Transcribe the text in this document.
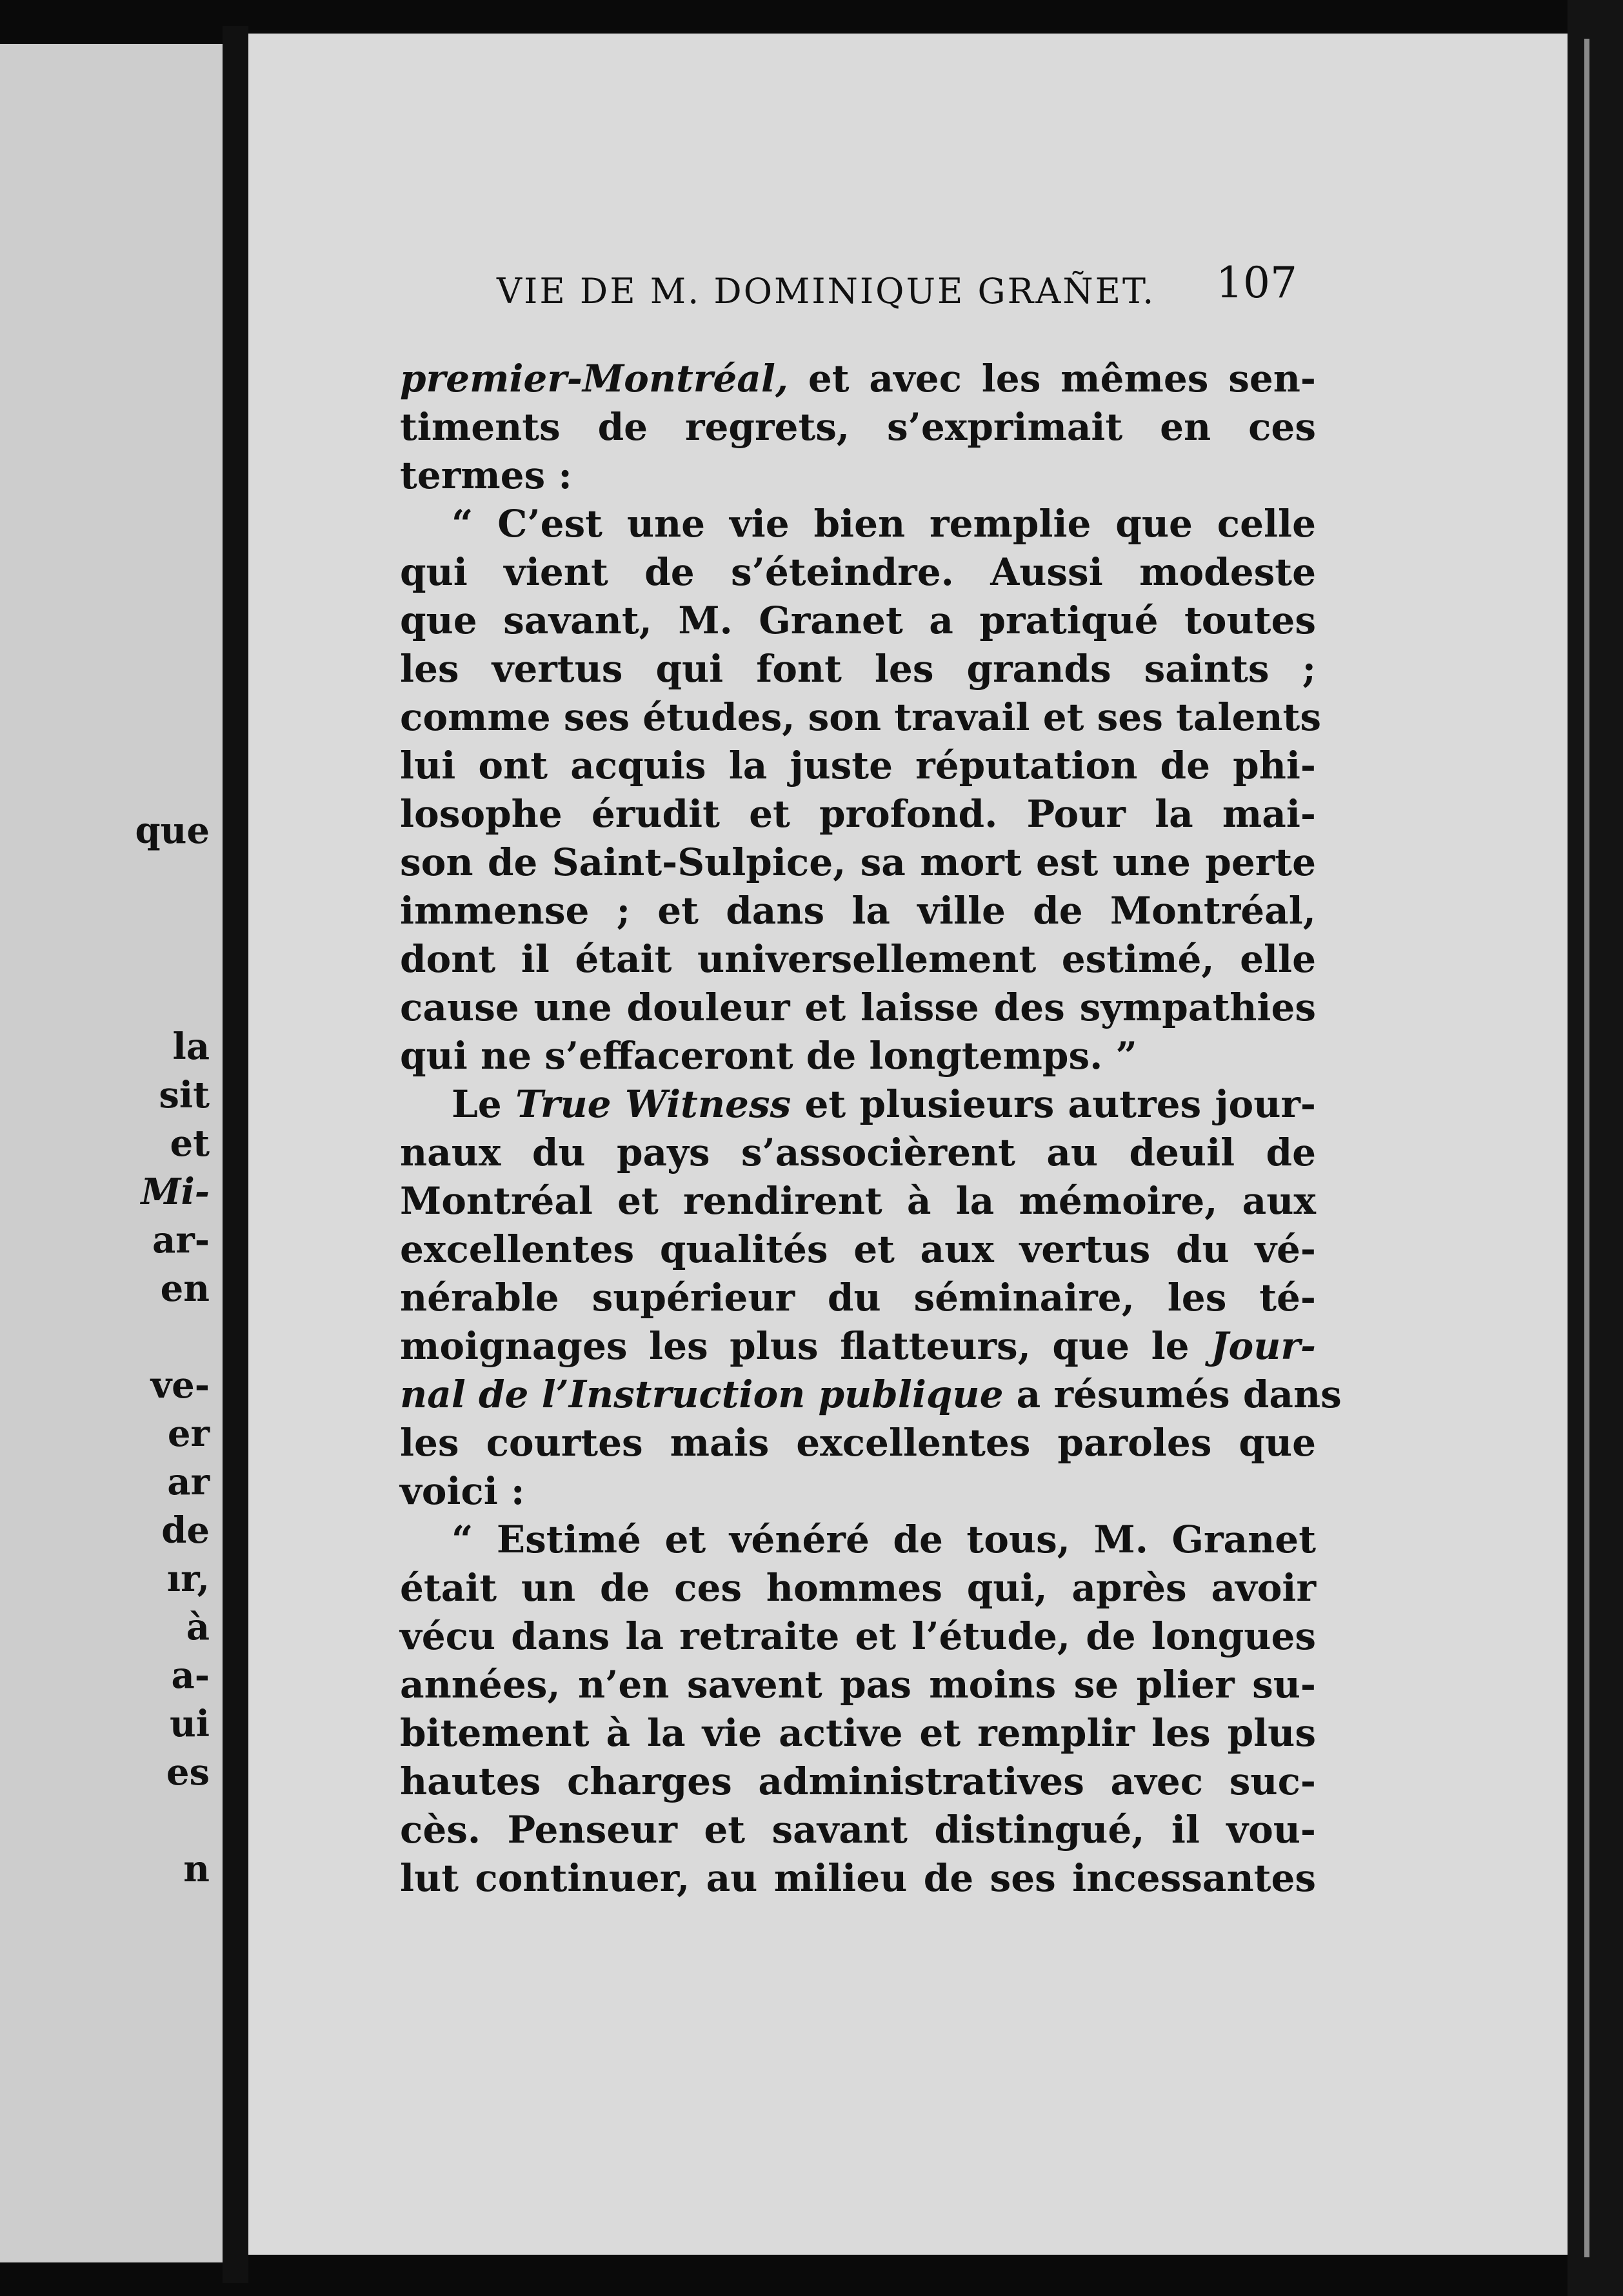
que
la
sit
et
Mi-
ar-
en
ve-
er
ar
de
ır,
à
a-
ui
es
n
VIE DE M. DOMINIQUE GRAÑET. 107
premier-Montréal, et avec les mêmes sen-
timents de regrets, s’exprimait en ces
termes :
“ C’est une vie bien remplie que celle
qui vient de s’éteindre. Aussi modeste
que savant, M. Granet a pratiqué toutes
les vertus qui font les grands saints ;
comme ses études, son travail et ses talents
lui ont acquis la juste réputation de phi-
losophe érudit et profond. Pour la mai-
son de Saint-Sulpice, sa mort est une perte
immense ; et dans la ville de Montréal,
dont il était universellement estimé, elle
cause une douleur et laisse des sympathies
qui ne s’effaceront de longtemps. ”
Le True Witness et plusieurs autres jour-
naux du pays s’associèrent au deuil de
Montréal et rendirent à la mémoire, aux
excellentes qualités et aux vertus du vé-
nérable supérieur du séminaire, les té-
moignages les plus flatteurs, que le Jour-
nal de l’Instruction publique a résumés dans
les courtes mais excellentes paroles que
voici :
“ Estimé et vénéré de tous, M. Granet
était un de ces hommes qui, après avoir
vécu dans la retraite et l’étude, de longues
années, n’en savent pas moins se plier su-
bitement à la vie active et remplir les plus
hautes charges administratives avec suc-
cès. Penseur et savant distingué, il vou-
lut continuer, au milieu de ses incessantes
